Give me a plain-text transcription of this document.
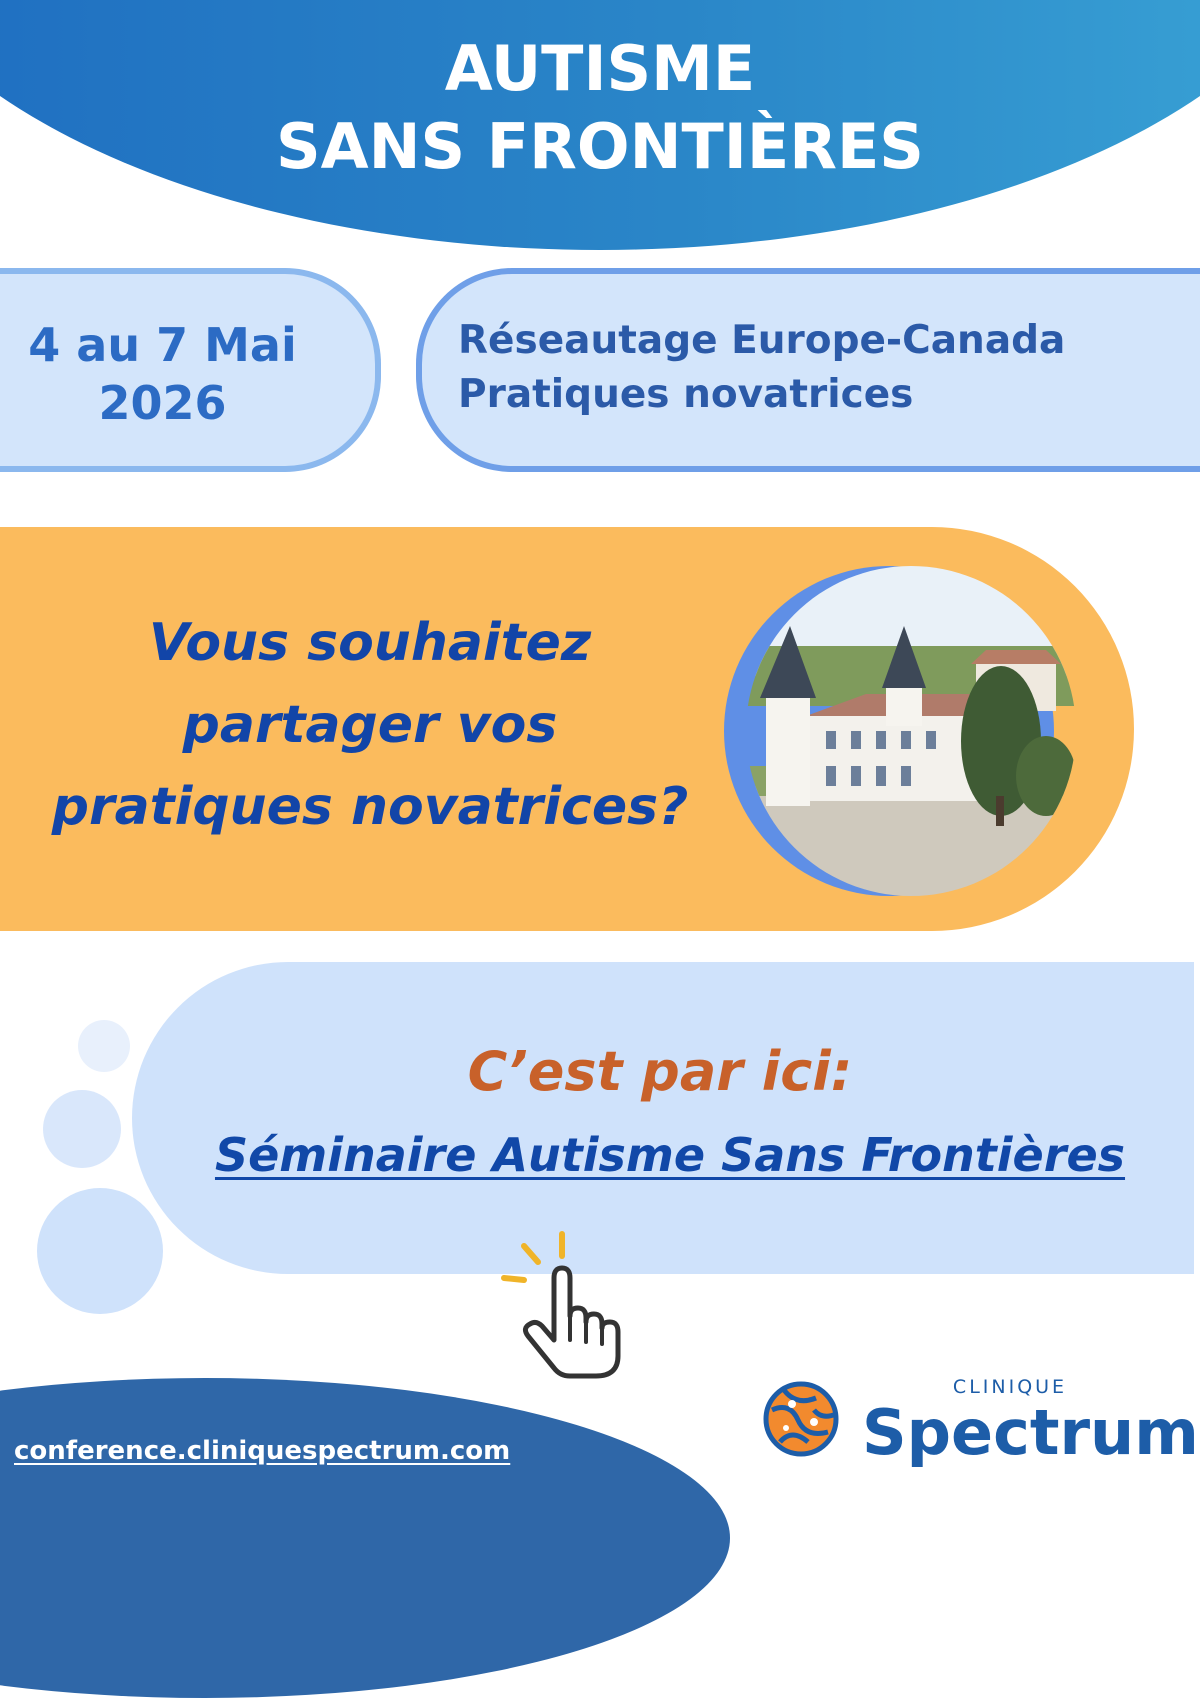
AUTISME
SANS FRONTIÈRES
4 au 7 Mai
2026
Réseautage Europe-Canada
Pratiques novatrices
Vous souhaitez
partager vos
pratiques novatrices?
C’est par ici:
Séminaire Autisme Sans Frontières
conference.cliniquespectrum.com
CLINIQUE
Spectrum
